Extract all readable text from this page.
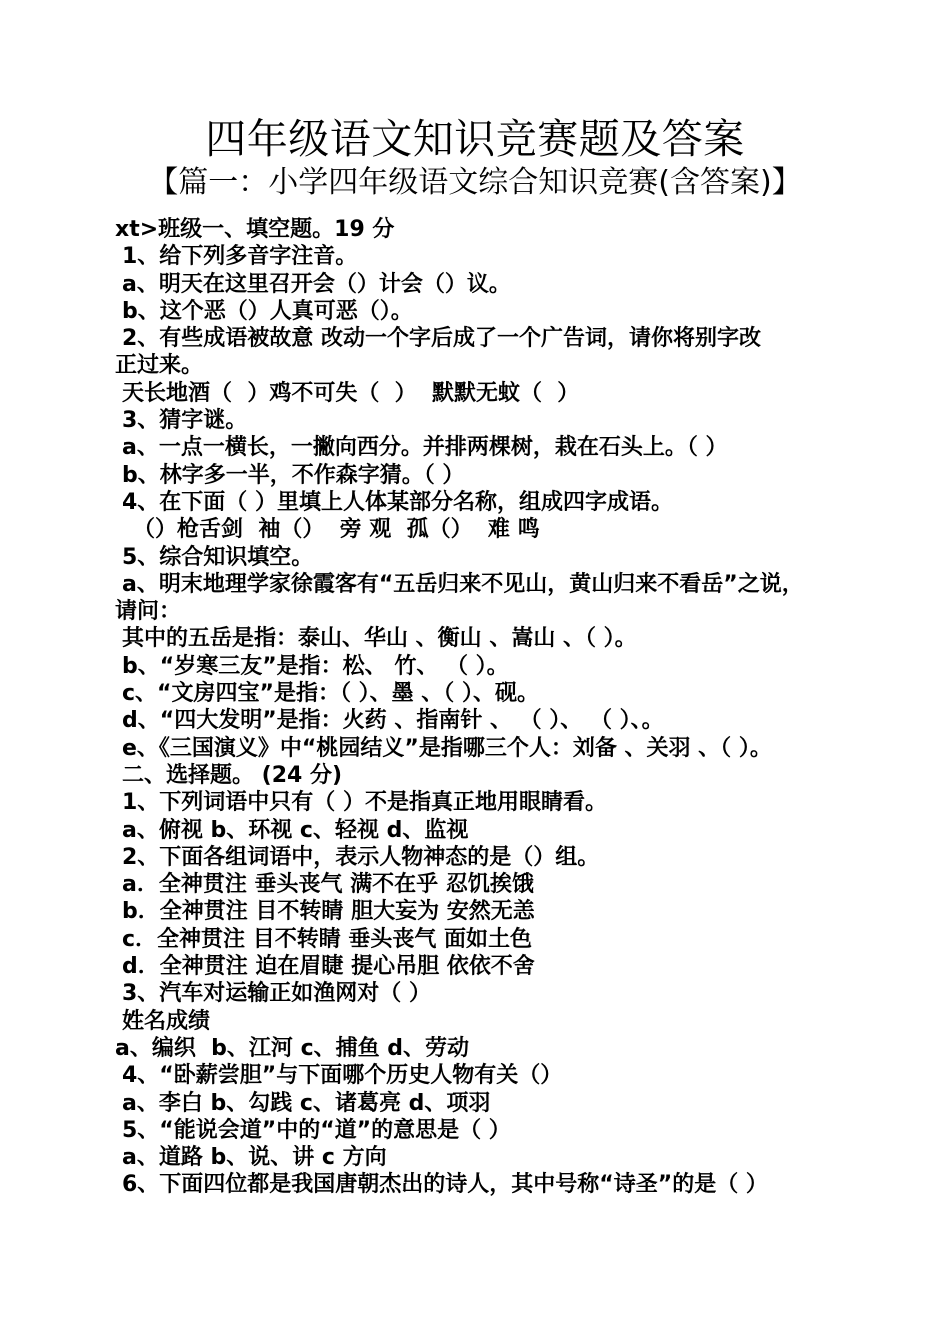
四年级语文知识竞赛题及答案
【篇一：小学四年级语文综合知识竞赛(含答案)】
xt>班级一、填空题。19 分
1、给下列多音字注音。
a、明天在这里召开会（）计会（）议。
b、这个恶（）人真可恶（）。
2、有些成语被故意 改动一个字后成了一个广告词，请你将别字改
正过来。
天长地酒（  ）鸡不可失（  ）  默默无蚊（  ）
3、猜字谜。
a、一点一横长，一撇向西分。并排两棵树，栽在石头上。（ ）
b、林字多一半，不作森字猜。（ ）
4、在下面（ ）里填上人体某部分名称，组成四字成语。
（）枪舌剑  袖（）  旁 观  孤（）  难 鸣
5、综合知识填空。
a、明末地理学家徐霞客有“五岳归来不见山，黄山归来不看岳”之说，
请问：
其中的五岳是指：泰山、华山 、衡山 、嵩山 、（ ）。
b、“岁寒三友”是指：松、 竹、 （ ）。
c、“文房四宝”是指：（ ）、墨 、（ ）、砚。
d、“四大发明”是指：火药 、指南针 、 （ ）、 （ ）、。
e、《三国演义》中“桃园结义”是指哪三个人：刘备 、关羽 、（ ）。
二、选择题。 (24 分)
1、下列词语中只有（ ）不是指真正地用眼睛看。
a、俯视 b、环视 c、轻视 d、监视
2、下面各组词语中，表示人物神态的是（）组。
a．全神贯注 垂头丧气 满不在乎 忍饥挨饿
b．全神贯注 目不转睛 胆大妄为 安然无恙
c．全神贯注 目不转睛 垂头丧气 面如土色
d．全神贯注 迫在眉睫 提心吊胆 依依不舍
3、汽车对运输正如渔网对（ ）
姓名成绩
a、编织  b、江河 c、捕鱼 d、劳动
4、“卧薪尝胆”与下面哪个历史人物有关（）
a、李白 b、勾践 c、诸葛亮 d、项羽
5、“能说会道”中的“道”的意思是（ ）
a、道路 b、说、讲 c 方向
6、下面四位都是我国唐朝杰出的诗人，其中号称“诗圣”的是（ ）
